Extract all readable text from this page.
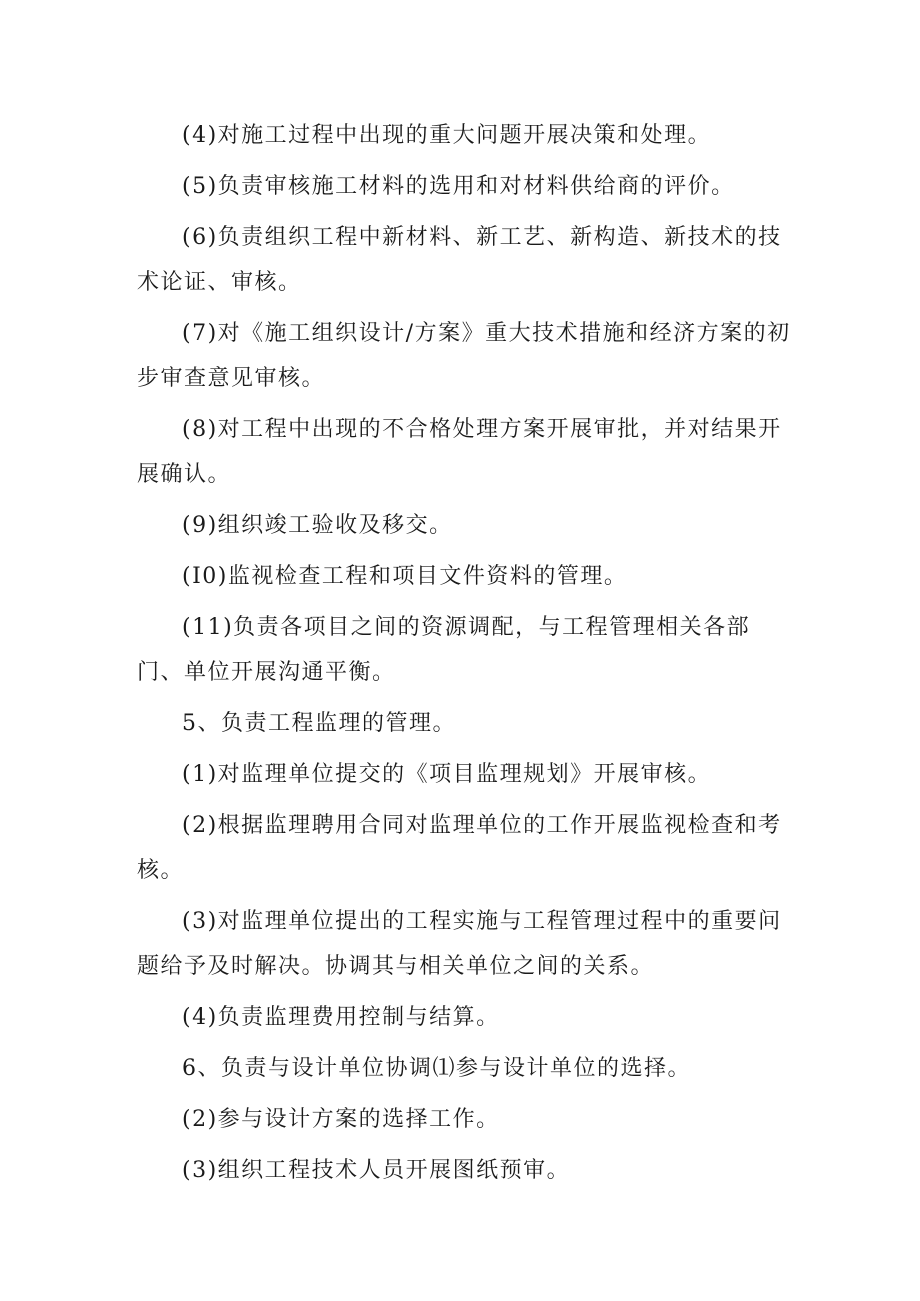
(4)对施工过程中出现的重大问题开展决策和处理。

(5)负责审核施工材料的选用和对材料供给商的评价。

(6)负责组织工程中新材料、新工艺、新构造、新技术的技术论证、审核。

(7)对《施工组织设计/方案》重大技术措施和经济方案的初步审查意见审核。

(8)对工程中出现的不合格处理方案开展审批，并对结果开展确认。

(9)组织竣工验收及移交。

(I0)监视检查工程和项目文件资料的管理。

(11)负责各项目之间的资源调配，与工程管理相关各部门、单位开展沟通平衡。

5、负责工程监理的管理。

(1)对监理单位提交的《项目监理规划》开展审核。

(2)根据监理聘用合同对监理单位的工作开展监视检查和考核。

(3)对监理单位提出的工程实施与工程管理过程中的重要问题给予及时解决。协调其与相关单位之间的关系。

(4)负责监理费用控制与结算。

6、负责与设计单位协调⑴参与设计单位的选择。

(2)参与设计方案的选择工作。

(3)组织工程技术人员开展图纸预审。
